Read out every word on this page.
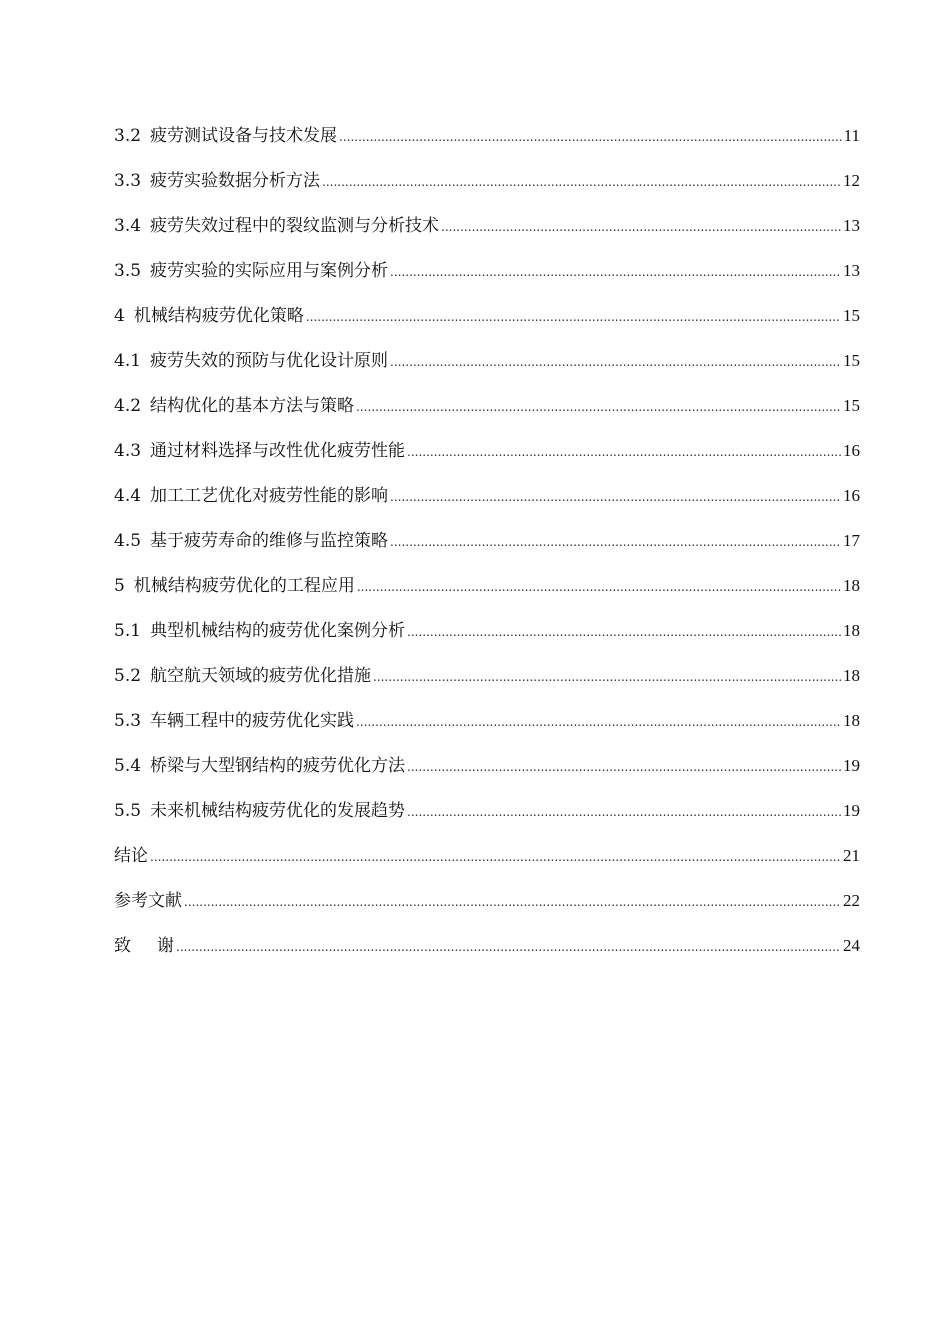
3.2 疲劳测试设备与技术发展 .....	11
3.3 疲劳实验数据分析方法 .....	12
3.4 疲劳失效过程中的裂纹监测与分析技术 .....	13
3.5 疲劳实验的实际应用与案例分析 .....	13
4 机械结构疲劳优化策略 .....	15
4.1 疲劳失效的预防与优化设计原则 .....	15
4.2 结构优化的基本方法与策略 .....	15
4.3 通过材料选择与改性优化疲劳性能 .....	16
4.4 加工工艺优化对疲劳性能的影响 .....	16
4.5 基于疲劳寿命的维修与监控策略 .....	17
5 机械结构疲劳优化的工程应用 .....	18
5.1 典型机械结构的疲劳优化案例分析 .....	18
5.2 航空航天领域的疲劳优化措施 .....	18
5.3 车辆工程中的疲劳优化实践 .....	18
5.4 桥梁与大型钢结构的疲劳优化方法 .....	19
5.5 未来机械结构疲劳优化的发展趋势 .....	19
结论 .....	21
参考文献 .....	22
致 谢 .....	24
